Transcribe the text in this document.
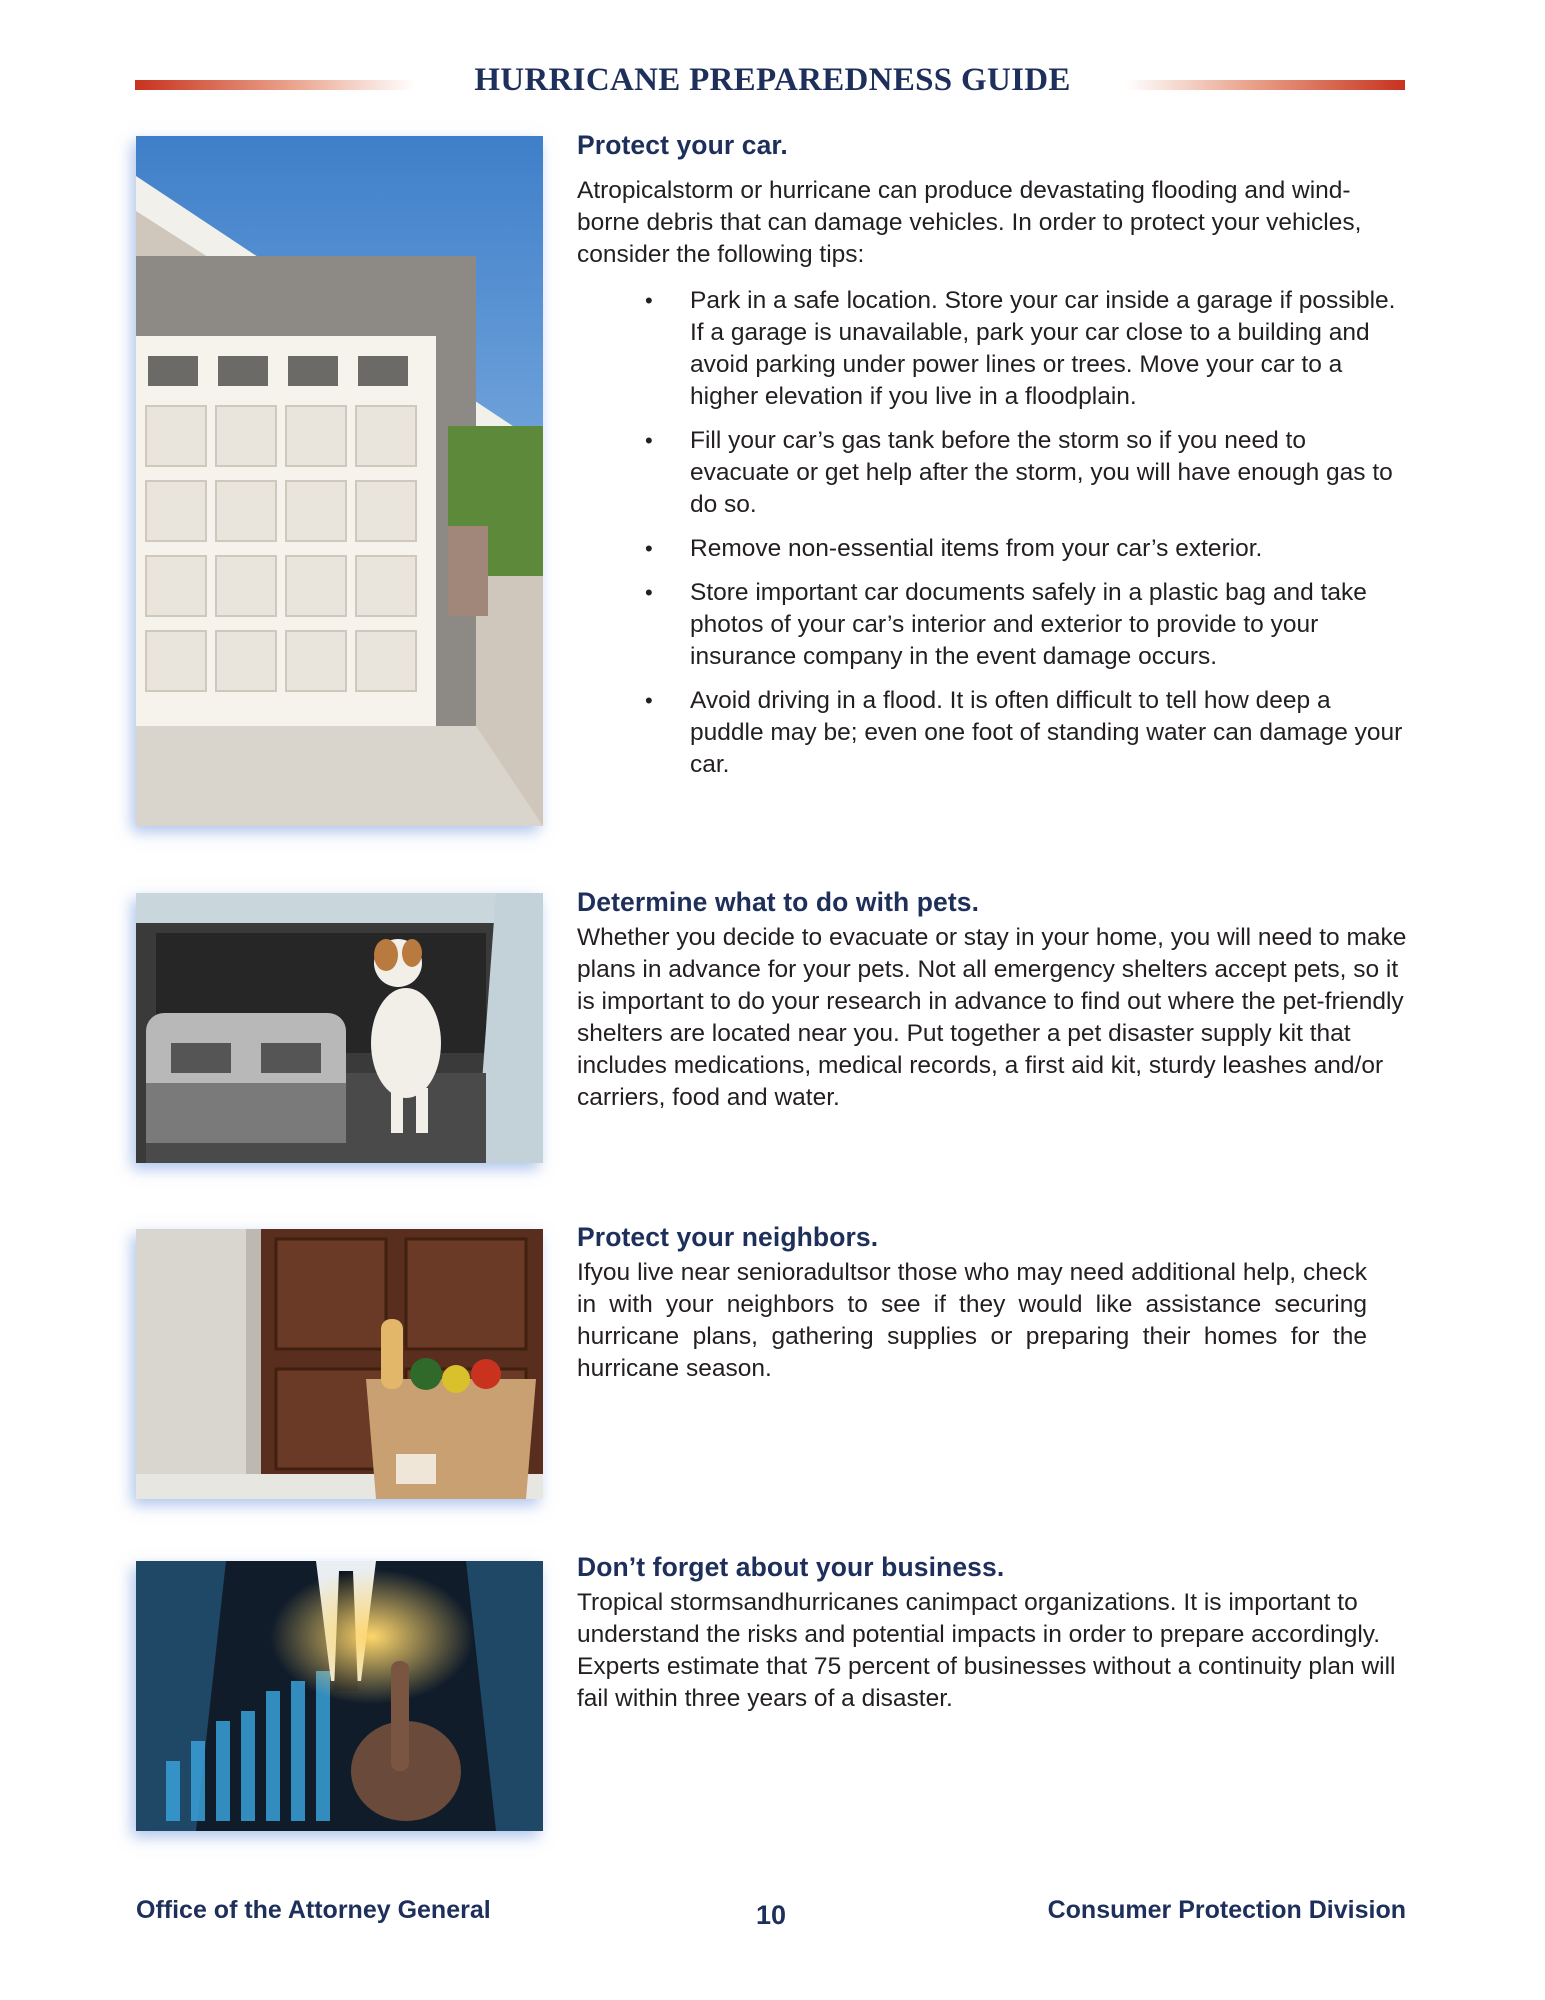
HURRICANE PREPAREDNESS GUIDE
Protect your car.

Atropicalstorm or hurricane can produce devastating flooding and wind-borne debris that can damage vehicles. In order to protect your vehicles, consider the following tips:

• Park in a safe location. Store your car inside a garage if possible. If a garage is unavailable, park your car close to a building and avoid parking under power lines or trees. Move your car to a higher elevation if you live in a floodplain.
• Fill your car’s gas tank before the storm so if you need to evacuate or get help after the storm, you will have enough gas to do so.
• Remove non-essential items from your car’s exterior.
• Store important car documents safely in a plastic bag and take photos of your car’s interior and exterior to provide to your insurance company in the event damage occurs.
• Avoid driving in a flood. It is often difficult to tell how deep a puddle may be; even one foot of standing water can damage your car.
Determine what to do with pets.

Whether you decide to evacuate or stay in your home, you will need to make plans in advance for your pets. Not all emergency shelters accept pets, so it is important to do your research in advance to find out where the pet-friendly shelters are located near you. Put together a pet disaster supply kit that includes medications, medical records, a first aid kit, sturdy leashes and/or carriers, food and water.

Protect your neighbors.

Ifyou live near senioradultsor those who may need additional help, check in with your neighbors to see if they would like assistance securing hurricane plans, gathering supplies or preparing their homes for the hurricane season.

Don’t forget about your business.

Tropical stormsandhurricanes canimpact organizations. It is important to understand the risks and potential impacts in order to prepare accordingly. Experts estimate that 75 percent of businesses without a continuity plan will fail within three years of a disaster.

Office of the Attorney General	10	Consumer Protection Division
